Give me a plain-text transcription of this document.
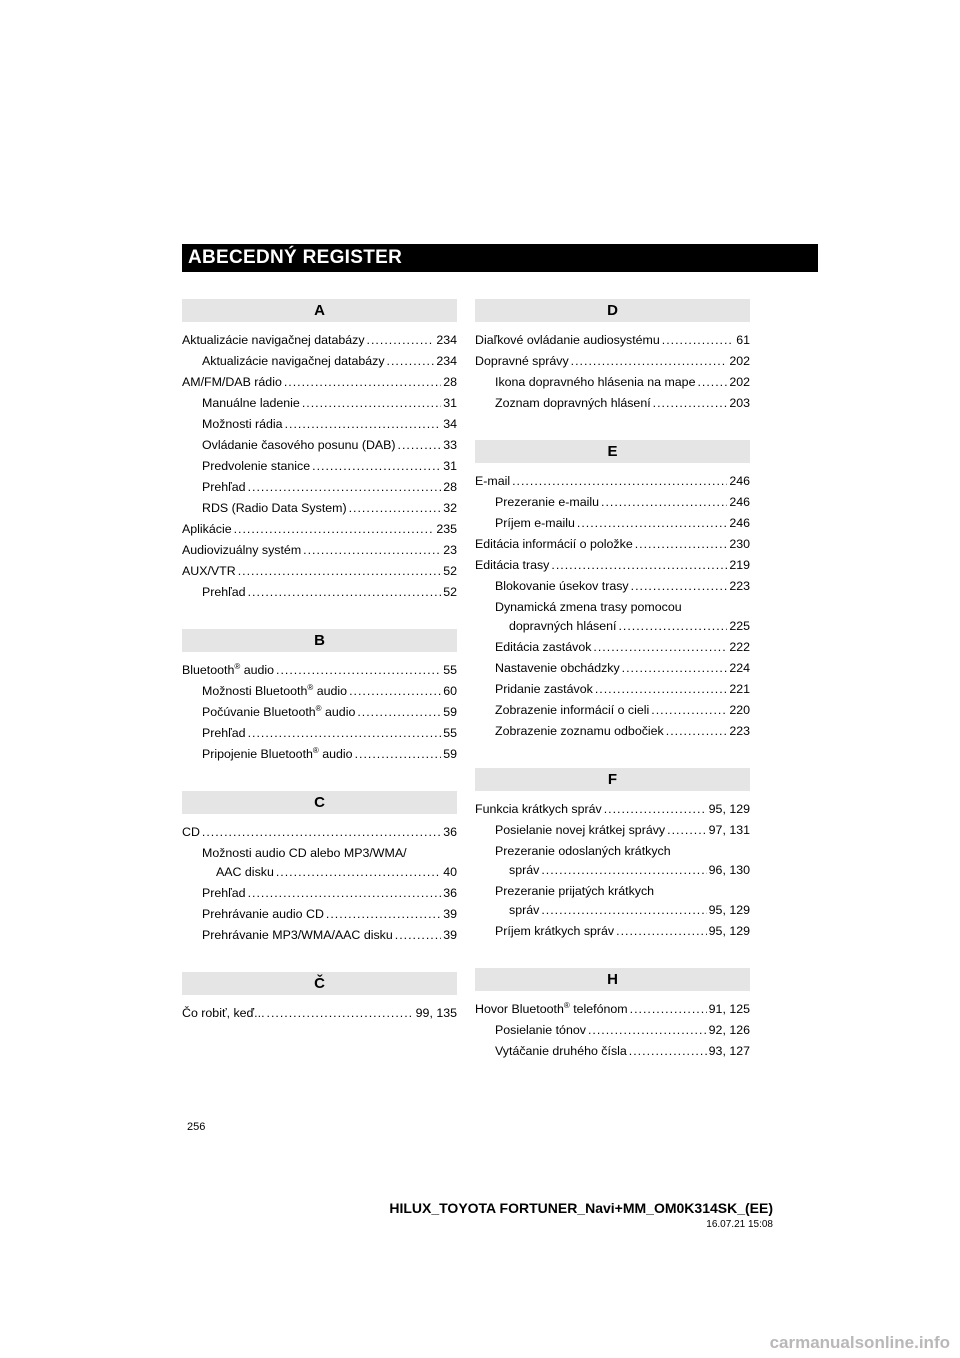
ABECEDNÝ REGISTER
A
Aktualizácie navigačnej databázy .....	234
Aktualizácie navigačnej databázy .....	234
AM/FM/DAB rádio .....	28
Manuálne ladenie .....	31
Možnosti rádia .....	34
Ovládanie časového posunu (DAB) .....	33
Predvolenie stanice .....	31
Prehľad .....	28
RDS (Radio Data System) .....	32
Aplikácie .....	235
Audiovizuálny systém .....	23
AUX/VTR .....	52
Prehľad .....	52
B
Bluetooth® audio .....	55
Možnosti Bluetooth® audio .....	60
Počúvanie Bluetooth® audio .....	59
Prehľad .....	55
Pripojenie Bluetooth® audio .....	59
C
CD .....	36
Možnosti audio CD alebo MP3/WMA/
AAC disku .....	40
Prehľad .....	36
Prehrávanie audio CD .....	39
Prehrávanie MP3/WMA/AAC disku .....	39
Č
Čo robiť, keď... .....	99, 135
D
Diaľkové ovládanie audiosystému .....	61
Dopravné správy .....	202
Ikona dopravného hlásenia na mape .....	202
Zoznam dopravných hlásení .....	203
E
E-mail .....	246
Prezeranie e-mailu .....	246
Príjem e-mailu .....	246
Editácia informácií o položke .....	230
Editácia trasy .....	219
Blokovanie úsekov trasy .....	223
Dynamická zmena trasy pomocou
dopravných hlásení .....	225
Editácia zastávok .....	222
Nastavenie obchádzky .....	224
Pridanie zastávok .....	221
Zobrazenie informácií o cieli .....	220
Zobrazenie zoznamu odbočiek .....	223
F
Funkcia krátkych správ .....	95, 129
Posielanie novej krátkej správy .....	97, 131
Prezeranie odoslaných krátkych
správ .....	96, 130
Prezeranie prijatých krátkych
správ .....	95, 129
Príjem krátkych správ .....	95, 129
H
Hovor Bluetooth® telefónom .....	91, 125
Posielanie tónov .....	92, 126
Vytáčanie druhého čísla .....	93, 127
256
HILUX_TOYOTA FORTUNER_Navi+MM_OM0K314SK_(EE)
16.07.21 15:08
carmanualsonline.info
